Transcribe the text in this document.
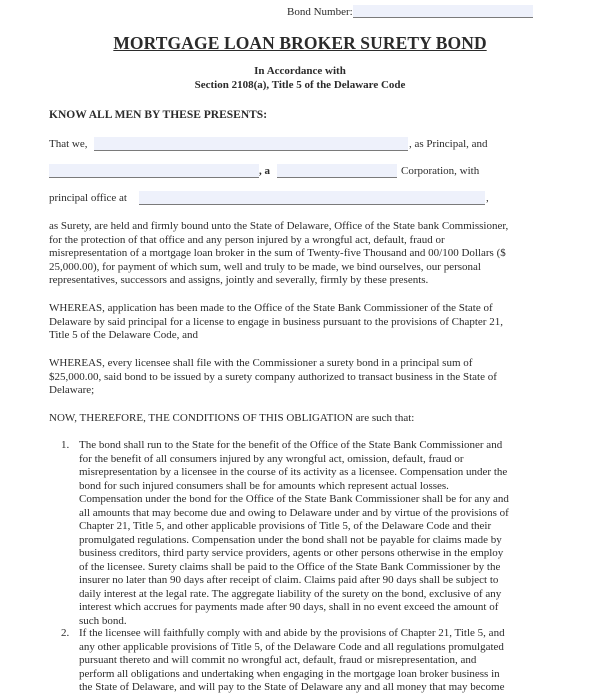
Bond Number:
MORTGAGE LOAN BROKER SURETY BOND
In Accordance with
Section 2108(a), Title 5 of the Delaware Code
KNOW ALL MEN BY THESE PRESENTS:
That we,	, as Principal, and
, a	Corporation, with
principal office at	,
as Surety, are held and firmly bound unto the State of Delaware, Office of the State bank Commissioner,
for the protection of that office and any person injured by a wrongful act, default, fraud or
misrepresentation of a mortgage loan broker in the sum of Twenty-five Thousand and 00/100 Dollars ($
25,000.00), for payment of which sum, well and truly to be made, we bind ourselves, our personal
representatives, successors and assigns, jointly and severally, firmly by these presents.
WHEREAS, application has been made to the Office of the State Bank Commissioner of the State of
Delaware by said principal for a license to engage in business pursuant to the provisions of Chapter 21,
Title 5 of the Delaware Code, and
WHEREAS, every licensee shall file with the Commissioner a surety bond in a principal sum of
$25,000.00, said bond to be issued by a surety company authorized to transact business in the State of
Delaware;
NOW, THEREFORE, THE CONDITIONS OF THIS OBLIGATION are such that:
1. The bond shall run to the State for the benefit of the Office of the State Bank Commissioner and
for the benefit of all consumers injured by any wrongful act, omission, default, fraud or
misrepresentation by a licensee in the course of its activity as a licensee. Compensation under the
bond for such injured consumers shall be for amounts which represent actual losses.
Compensation under the bond for the Office of the State Bank Commissioner shall be for any and
all amounts that may become due and owing to Delaware under and by virtue of the provisions of
Chapter 21, Title 5, and other applicable provisions of Title 5, of the Delaware Code and their
promulgated regulations. Compensation under the bond shall not be payable for claims made by
business creditors, third party service providers, agents or other persons otherwise in the employ
of the licensee. Surety claims shall be paid to the Office of the State Bank Commissioner by the
insurer no later than 90 days after receipt of claim. Claims paid after 90 days shall be subject to
daily interest at the legal rate. The aggregate liability of the surety on the bond, exclusive of any
interest which accrues for payments made after 90 days, shall in no event exceed the amount of
such bond.
2. If the licensee will faithfully comply with and abide by the provisions of Chapter 21, Title 5, and
any other applicable provisions of Title 5, of the Delaware Code and all regulations promulgated
pursuant thereto and will commit no wrongful act, default, fraud or misrepresentation, and
perform all obligations and undertaking when engaging in the mortgage loan broker business in
the State of Delaware, and will pay to the State of Delaware any and all money that may become
